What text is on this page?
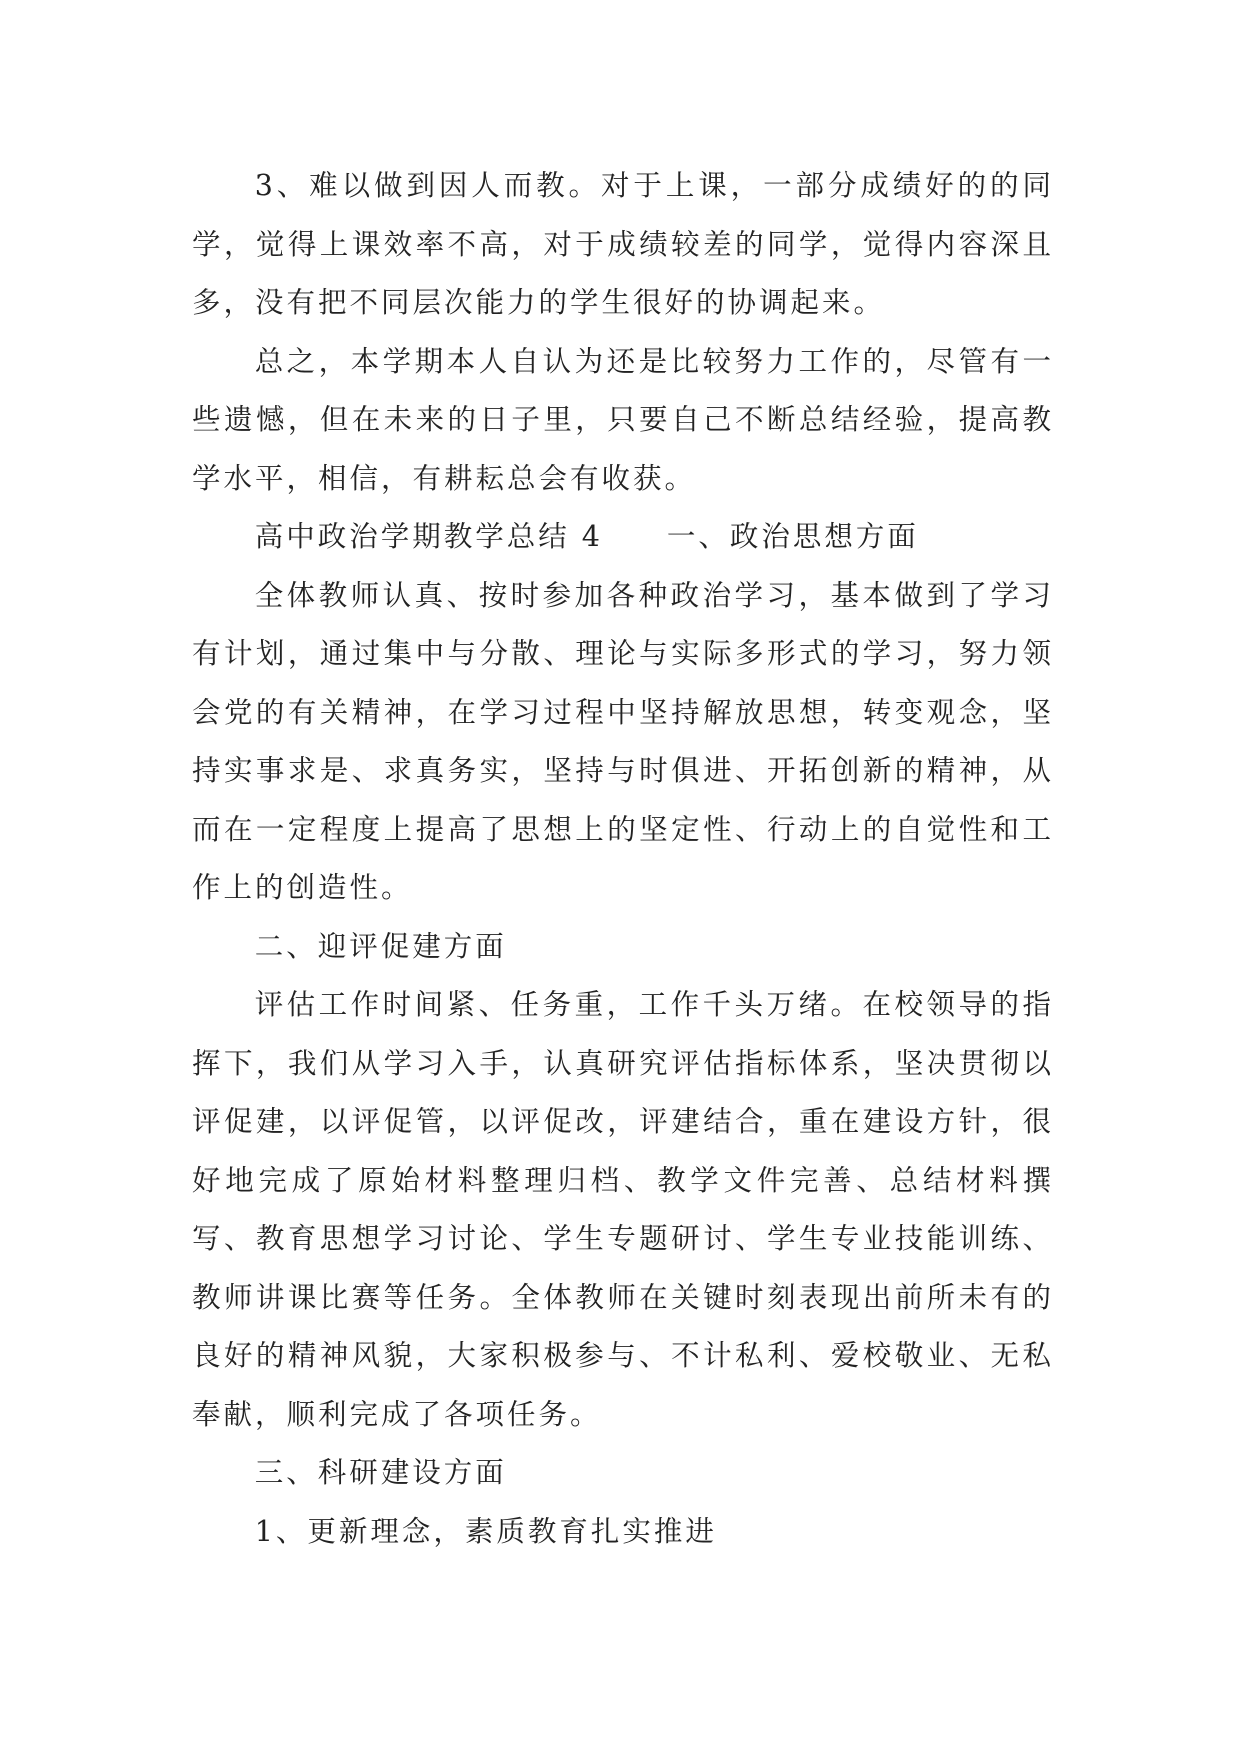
3、难以做到因人而教。对于上课，一部分成绩好的的同学，觉得上课效率不高，对于成绩较差的同学，觉得内容深且多，没有把不同层次能力的学生很好的协调起来。

总之，本学期本人自认为还是比较努力工作的，尽管有一些遗憾，但在未来的日子里，只要自己不断总结经验，提高教学水平，相信，有耕耘总会有收获。

高中政治学期教学总结 4 一、政治思想方面

全体教师认真、按时参加各种政治学习，基本做到了学习有计划，通过集中与分散、理论与实际多形式的学习，努力领会党的有关精神，在学习过程中坚持解放思想，转变观念，坚持实事求是、求真务实，坚持与时俱进、开拓创新的精神，从而在一定程度上提高了思想上的坚定性、行动上的自觉性和工作上的创造性。

二、迎评促建方面

评估工作时间紧、任务重，工作千头万绪。在校领导的指挥下，我们从学习入手，认真研究评估指标体系，坚决贯彻以评促建，以评促管，以评促改，评建结合，重在建设方针，很好地完成了原始材料整理归档、教学文件完善、总结材料撰写、教育思想学习讨论、学生专题研讨、学生专业技能训练、教师讲课比赛等任务。全体教师在关键时刻表现出前所未有的良好的精神风貌，大家积极参与、不计私利、爱校敬业、无私奉献，顺利完成了各项任务。

三、科研建设方面

1、更新理念，素质教育扎实推进
